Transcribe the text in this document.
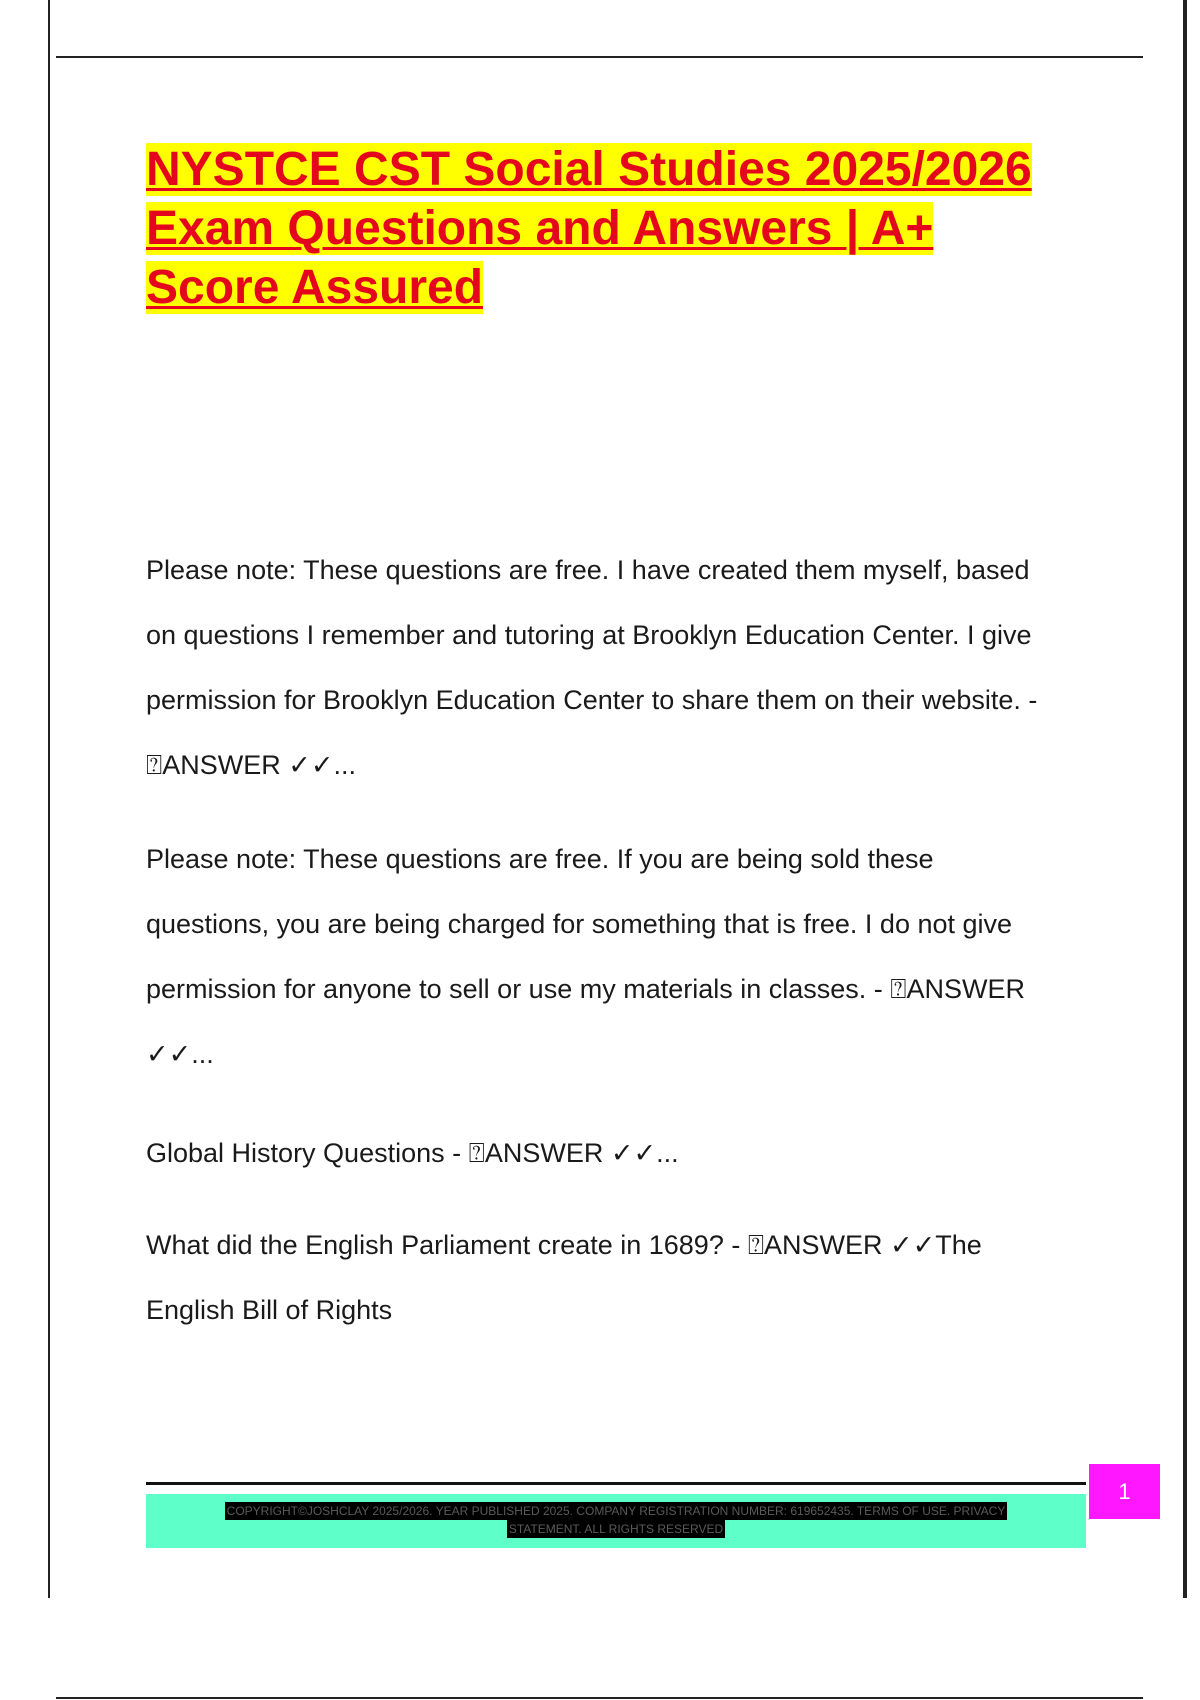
NYSTCE CST Social Studies 2025/2026
Exam Questions and Answers | A+
Score Assured

Please note: These questions are free. I have created them myself, based
on questions I remember and tutoring at Brooklyn Education Center. I give
permission for Brooklyn Education Center to share them on their website. -
⍰ANSWER ✓✓...

Please note: These questions are free. If you are being sold these
questions, you are being charged for something that is free. I do not give
permission for anyone to sell or use my materials in classes. - ⍰ANSWER
✓✓...

Global History Questions - ⍰ANSWER ✓✓...

What did the English Parliament create in 1689? - ⍰ANSWER ✓✓The
English Bill of Rights

COPYRIGHT©JOSHCLAY 2025/2026. YEAR PUBLISHED 2025. COMPANY REGISTRATION NUMBER: 619652435. TERMS OF USE. PRIVACY
STATEMENT. ALL RIGHTS RESERVED
1
